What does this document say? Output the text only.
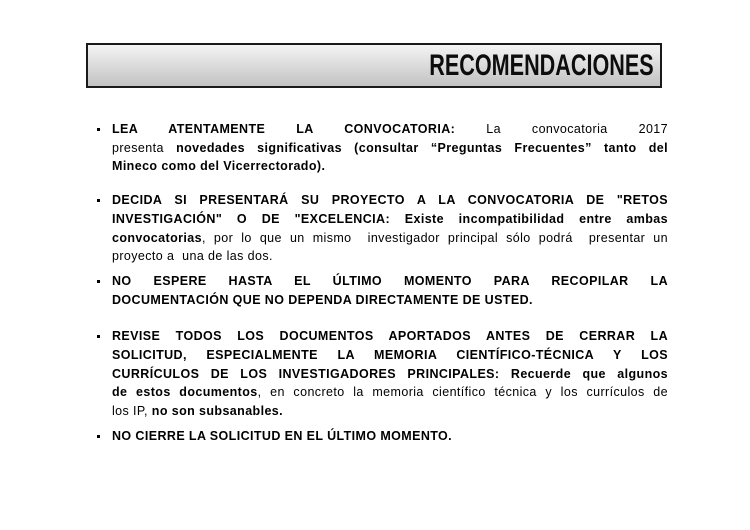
RECOMENDACIONES
LEA ATENTAMENTE LA CONVOCATORIA: La convocatoria 2017
presenta novedades significativas (consultar “Preguntas Frecuentes” tanto del
Mineco como del Vicerrectorado).
DECIDA SI PRESENTARÁ SU PROYECTO A LA CONVOCATORIA DE "RETOS
INVESTIGACIÓN" O DE "EXCELENCIA: Existe incompatibilidad entre ambas
convocatorias, por lo que un mismo  investigador principal sólo podrá  presentar un
proyecto a  una de las dos.
NO ESPERE HASTA EL ÚLTIMO MOMENTO PARA RECOPILAR LA
DOCUMENTACIÓN QUE NO DEPENDA DIRECTAMENTE DE USTED.
REVISE TODOS LOS DOCUMENTOS APORTADOS ANTES DE CERRAR LA
SOLICITUD, ESPECIALMENTE LA MEMORIA CIENTÍFICO-TÉCNICA Y LOS
CURRÍCULOS DE LOS INVESTIGADORES PRINCIPALES: Recuerde que algunos
de estos documentos, en concreto la memoria científico técnica y los currículos de
los IP, no son subsanables.
NO CIERRE LA SOLICITUD EN EL ÚLTIMO MOMENTO.
